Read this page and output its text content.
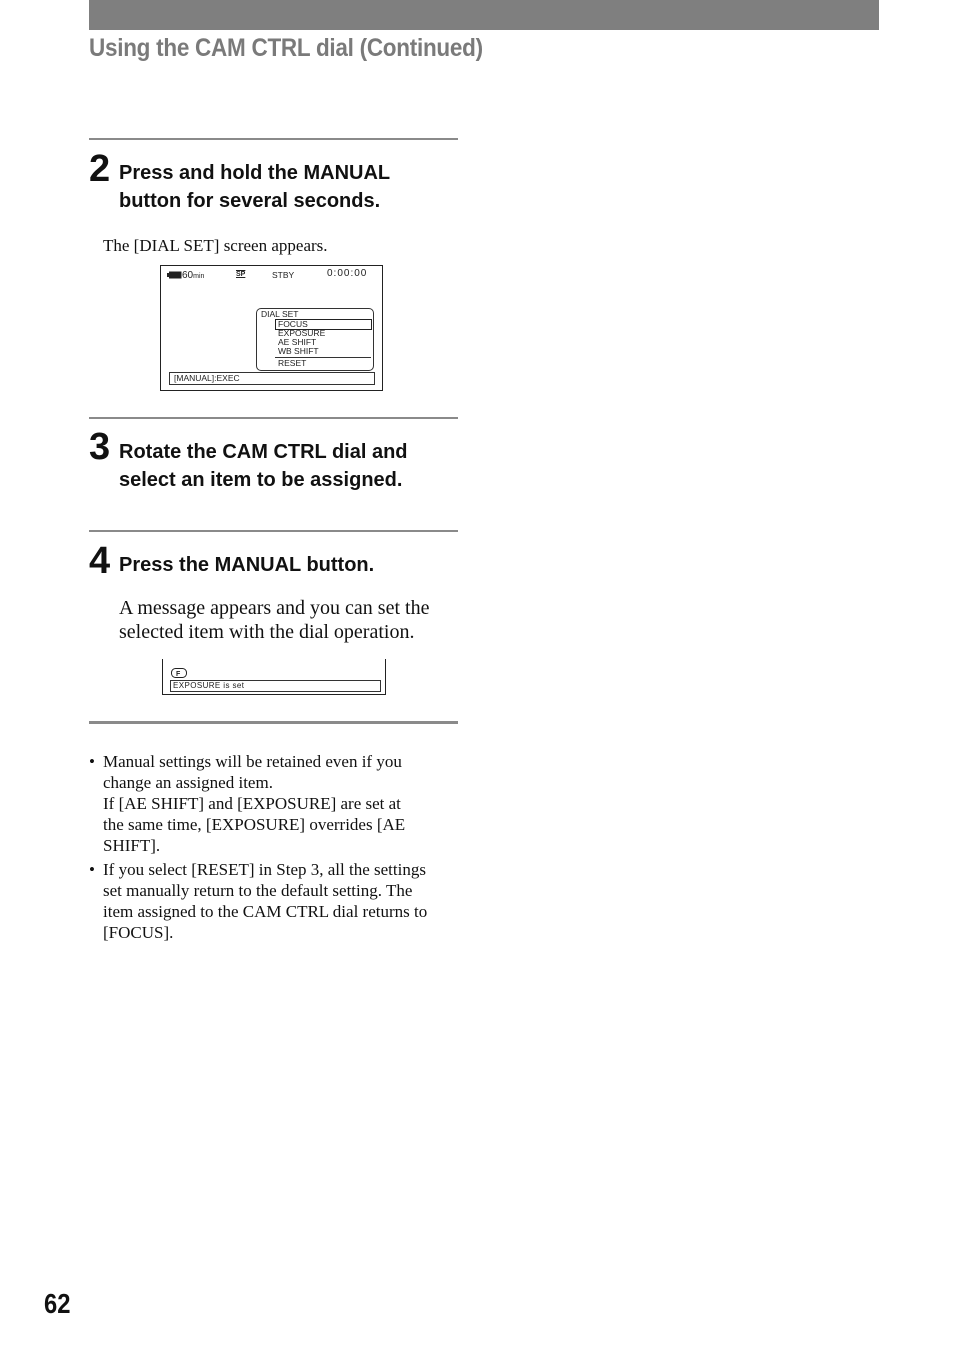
Using the CAM CTRL dial (Continued)
2 Press and hold the MANUAL
button for several seconds.
The [DIAL SET] screen appears.
60min	SP	STBY	0:00:00
DIAL SET
FOCUS
EXPOSURE
AE SHIFT
WB SHIFT
RESET
[MANUAL]:EXEC
3 Rotate the CAM CTRL dial and
select an item to be assigned.
4 Press the MANUAL button.
A message appears and you can set the
selected item with the dial operation.
F
EXPOSURE is set
• Manual settings will be retained even if you
change an assigned item.
If [AE SHIFT] and [EXPOSURE] are set at
the same time, [EXPOSURE] overrides [AE
SHIFT].
• If you select [RESET] in Step 3, all the settings
set manually return to the default setting. The
item assigned to the CAM CTRL dial returns to
[FOCUS].
62
